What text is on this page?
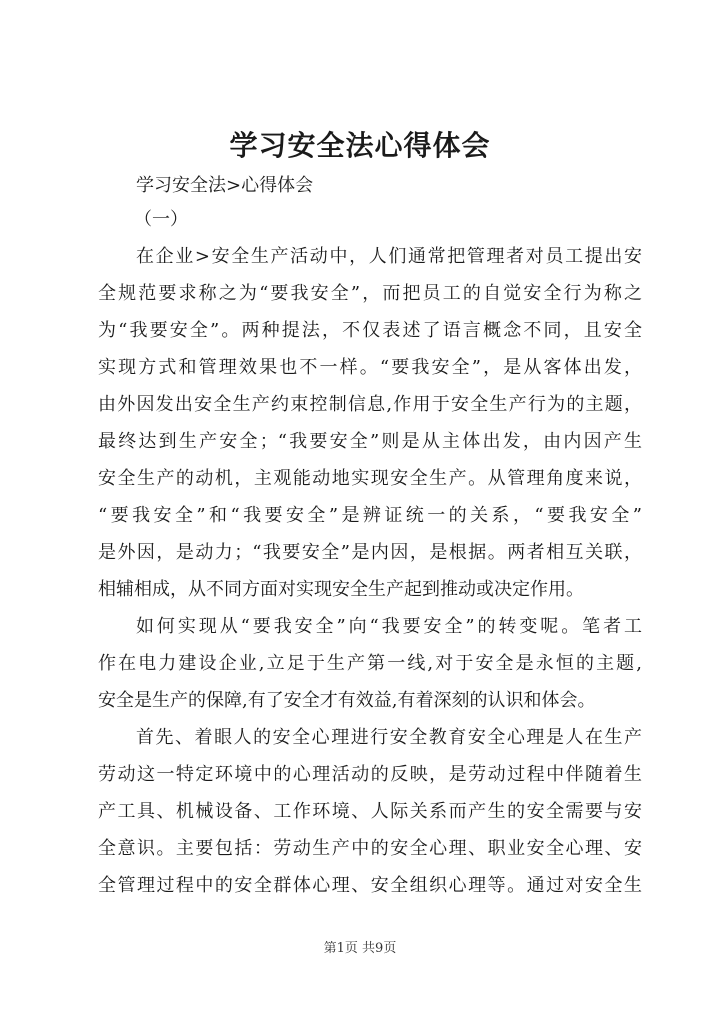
学习安全法心得体会
学习安全法>心得体会
（一）
在企业>安全生产活动中，人们通常把管理者对员工提出安
全规范要求称之为“要我安全”，而把员工的自觉安全行为称之
为“我要安全”。两种提法，不仅表述了语言概念不同，且安全
实现方式和管理效果也不一样。“要我安全”，是从客体出发，
由外因发出安全生产约束控制信息,作用于安全生产行为的主题，
最终达到生产安全；“我要安全”则是从主体出发，由内因产生
安全生产的动机，主观能动地实现安全生产。从管理角度来说，
“要我安全”和“我要安全”是辨证统一的关系，“要我安全”
是外因，是动力；“我要安全”是内因，是根据。两者相互关联，
相辅相成，从不同方面对实现安全生产起到推动或决定作用。
如何实现从“要我安全”向“我要安全”的转变呢。笔者工
作在电力建设企业,立足于生产第一线,对于安全是永恒的主题,
安全是生产的保障,有了安全才有效益,有着深刻的认识和体会。
首先、着眼人的安全心理进行安全教育安全心理是人在生产
劳动这一特定环境中的心理活动的反映，是劳动过程中伴随着生
产工具、机械设备、工作环境、人际关系而产生的安全需要与安
全意识。主要包括：劳动生产中的安全心理、职业安全心理、安
全管理过程中的安全群体心理、安全组织心理等。通过对安全生
第1页 共9页
